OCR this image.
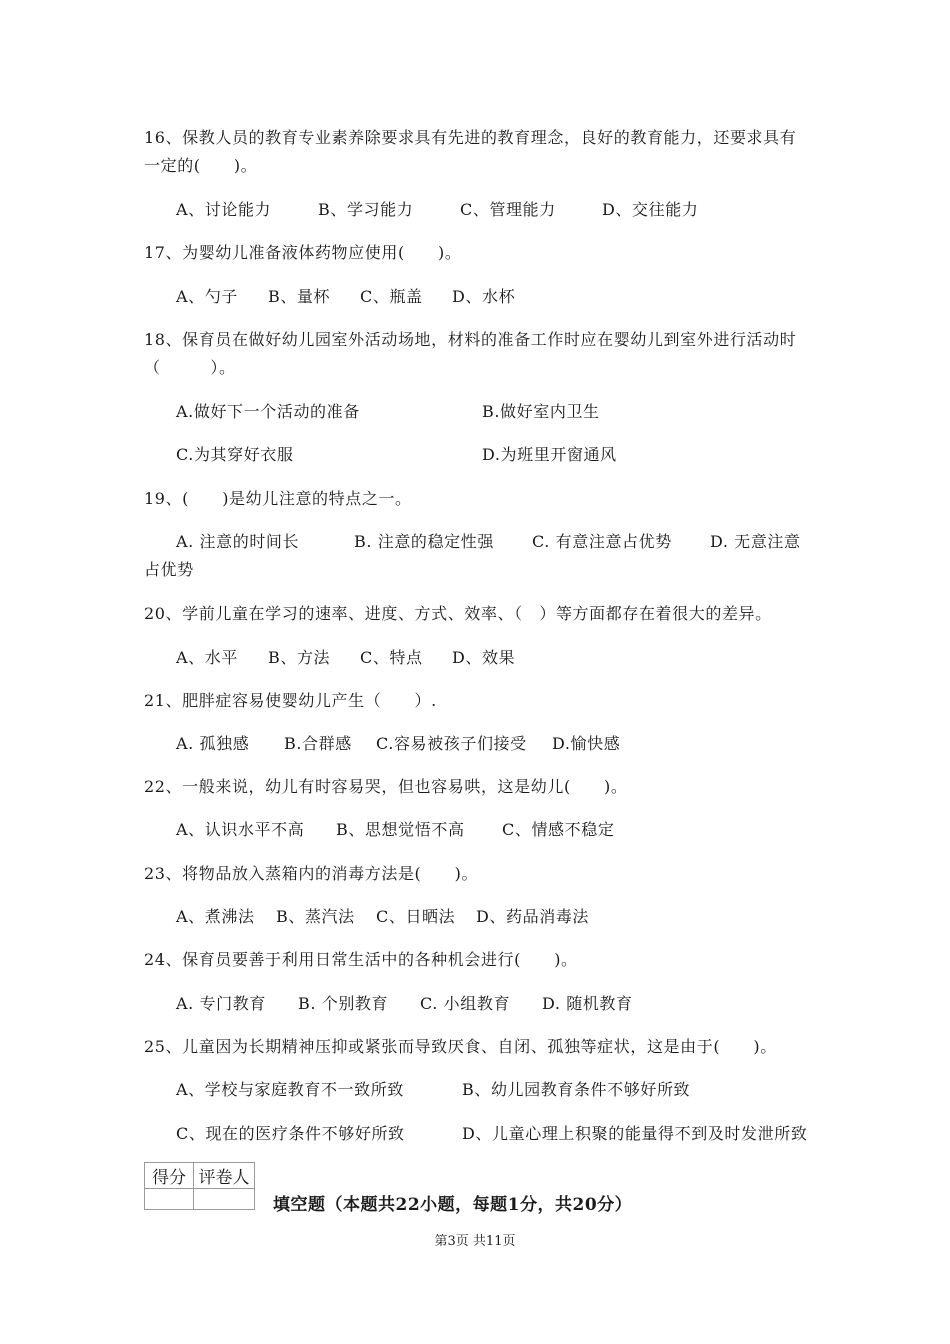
16、保教人员的教育专业素养除要求具有先进的教育理念，良好的教育能力，还要求具有
一定的(　　)。
A、讨论能力	B、学习能力	C、管理能力	D、交往能力
17、为婴幼儿准备液体药物应使用(　　)。
A、勺子 B、量杯 C、瓶盖 D、水杯
18、保育员在做好幼儿园室外活动场地，材料的准备工作时应在婴幼儿到室外进行活动时
（　　　）。
A.做好下一个活动的准备	B.做好室内卫生
C.为其穿好衣服	D.为班里开窗通风
19、(　　)是幼儿注意的特点之一。
A. 注意的时间长	B. 注意的稳定性强 C. 有意注意占优势 D. 无意注意
占优势
20、学前儿童在学习的速率、进度、方式、效率、（　）等方面都存在着很大的差异。
A、水平 B、方法 C、特点 D、效果
21、肥胖症容易使婴幼儿产生（　　）.
A. 孤独感 B.合群感 C.容易被孩子们接受 D.愉快感
22、一般来说，幼儿有时容易哭，但也容易哄，这是幼儿(　　)。
A、认识水平不高 B、思想觉悟不高 C、情感不稳定
23、将物品放入蒸箱内的消毒方法是(　　)。
A、煮沸法 B、蒸汽法 C、日晒法 D、药品消毒法
24、保育员要善于利用日常生活中的各种机会进行(　　)。
A. 专门教育 B. 个别教育 C. 小组教育 D. 随机教育
25、儿童因为长期精神压抑或紧张而导致厌食、自闭、孤独等症状，这是由于(　　)。
A、学校与家庭教育不一致所致	B、幼儿园教育条件不够好所致
C、现在的医疗条件不够好所致	D、儿童心理上积聚的能量得不到及时发泄所致
得分	评卷人

填空题（本题共22小题，每题1分，共20分）
第3页 共11页
